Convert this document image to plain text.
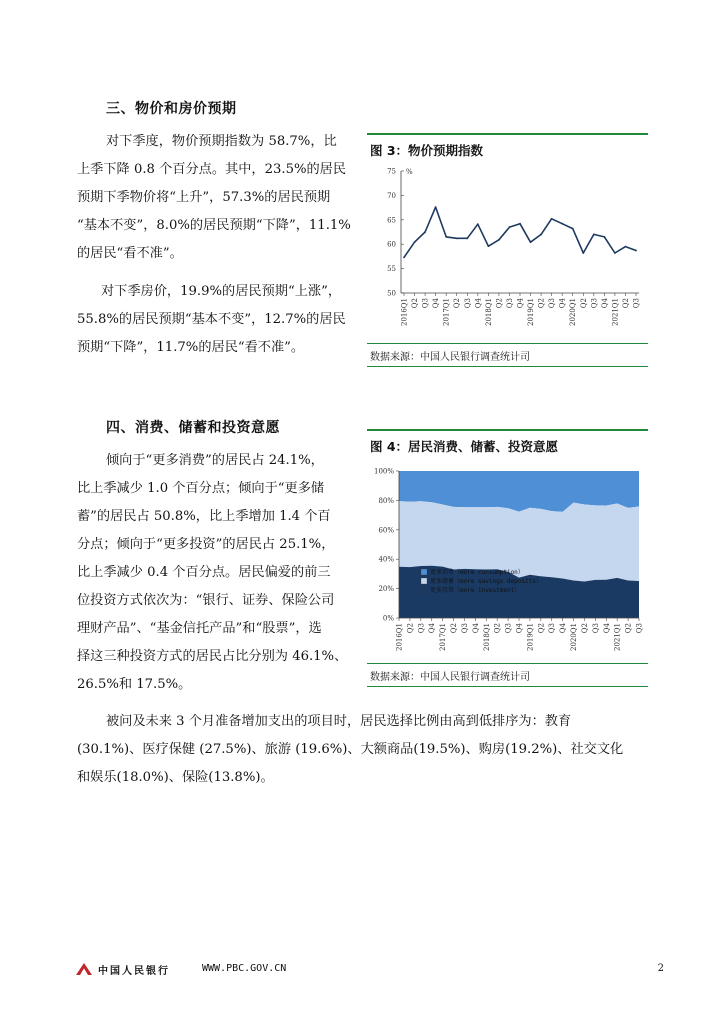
三、物价和房价预期
对下季度，物价预期指数为 58.7%，比
上季下降 0.8 个百分点。其中，23.5%的居民
预期下季物价将“上升”，57.3%的居民预期
“基本不变”，8.0%的居民预期“下降”，11.1%
的居民“看不准”。
对下季房价，19.9%的居民预期“上涨”，
55.8%的居民预期“基本不变”，12.7%的居民
预期“下降”，11.7%的居民“看不准”。
图 3：物价预期指数
50
55
60
65
70
75 %
2016Q1 Q2 Q3 Q4 2017Q1 Q2 Q3 Q4 2018Q1 Q2 Q3 Q4 2019Q1 Q2 Q3 Q4 2020Q1 Q2 Q3 Q4 2021Q1 Q2 Q3
数据来源：中国人民银行调查统计司
四、消费、储蓄和投资意愿
倾向于“更多消费”的居民占 24.1%，
比上季减少 1.0 个百分点；倾向于“更多储
蓄”的居民占 50.8%，比上季增加 1.4 个百
分点；倾向于“更多投资”的居民占 25.1%，
比上季减少 0.4 个百分点。居民偏爱的前三
位投资方式依次为：“银行、证券、保险公司
理财产品”、“基金信托产品”和“股票”，选
择这三种投资方式的居民占比分别为 46.1%、
26.5%和 17.5%。
图 4：居民消费、储蓄、投资意愿
0%
20%
40%
60%
80%
100%
2016Q1 Q2 Q3 Q4 2017Q1 Q2 Q3 Q4 2018Q1 Q2 Q3 Q4 2019Q1 Q2 Q3 Q4 2020Q1 Q2 Q3 Q4 2021Q1 Q2 Q3
更多消费（more consumption）
更多储蓄（more savings deposits）
更多投资（more investment）
数据来源：中国人民银行调查统计司
被问及未来 3 个月准备增加支出的项目时，居民选择比例由高到低排序为：教育
(30.1%)、医疗保健 (27.5%)、旅游 (19.6%)、大额商品(19.5%)、购房(19.2%)、社交文化
和娱乐(18.0%)、保险(13.8%)。
中国人民银行	WWW.PBC.GOV.CN	2
